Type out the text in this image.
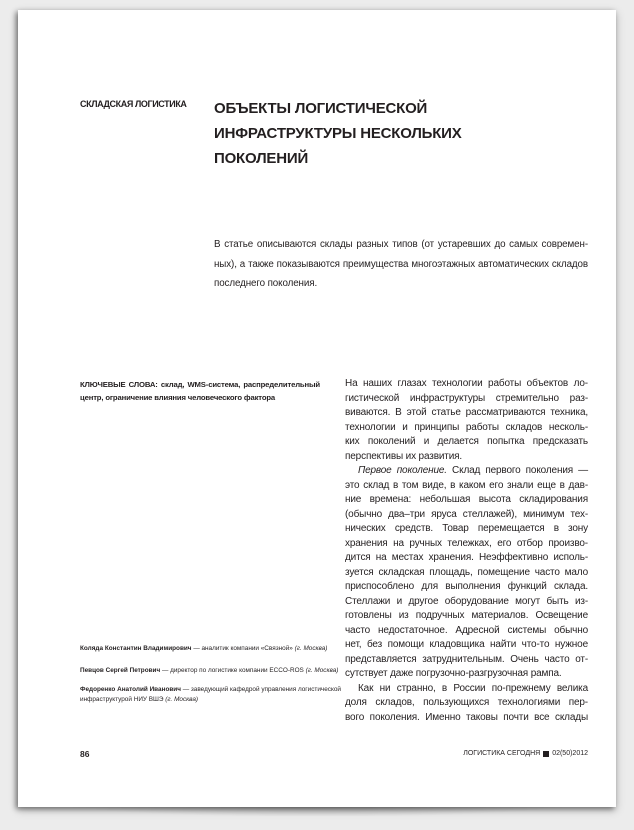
СКЛАДСКАЯ ЛОГИСТИКА ОБЪЕКТЫ ЛОГИСТИЧЕСКОЙ
ИНФРАСТРУКТУРЫ НЕСКОЛЬКИХ
ПОКОЛЕНИЙ
В статье описываются склады разных типов (от устаревших до самых современ-
ных), а также показываются преимущества многоэтажных автоматических складов
последнего поколения.
КЛЮЧЕВЫЕ СЛОВА: склад, WMS-система, распределительный
центр, ограничение влияния человеческого фактора
На наших глазах технологии работы объектов ло-
гистической инфраструктуры стремительно раз-
виваются. В этой статье рассматриваются техника,
технологии и принципы работы складов несколь-
ких поколений и делается попытка предсказать
перспективы их развития.
Первое поколение. Склад первого поколения —
это склад в том виде, в каком его знали еще в дав-
ние времена: небольшая высота складирования
(обычно два–три яруса стеллажей), минимум тех-
нических средств. Товар перемещается в зону
хранения на ручных тележках, его отбор произво-
дится на местах хранения. Неэффективно исполь-
зуется складская площадь, помещение часто мало
приспособлено для выполнения функций склада.
Стеллажи и другое оборудование могут быть из-
готовлены из подручных материалов. Освещение
часто недостаточное. Адресной системы обычно
нет, без помощи кладовщика найти что-то нужное
представляется затруднительным. Очень часто от-
сутствует даже погрузочно-разгрузочная рампа.
Как ни странно, в России по-прежнему велика
доля складов, пользующихся технологиями пер-
вого поколения. Именно таковы почти все склады
Коляда Константин Владимирович — аналитик компании «Связной» (г. Москва)
Певцов Сергей Петрович — директор по логистике компании ECCO-ROS (г. Москва)
Федоренко Анатолий Иванович — заведующий кафедрой управления логистической
инфраструктурой НИУ ВШЭ (г. Москва)
86	ЛОГИСТИКА СЕГОДНЯ 02(50)2012
